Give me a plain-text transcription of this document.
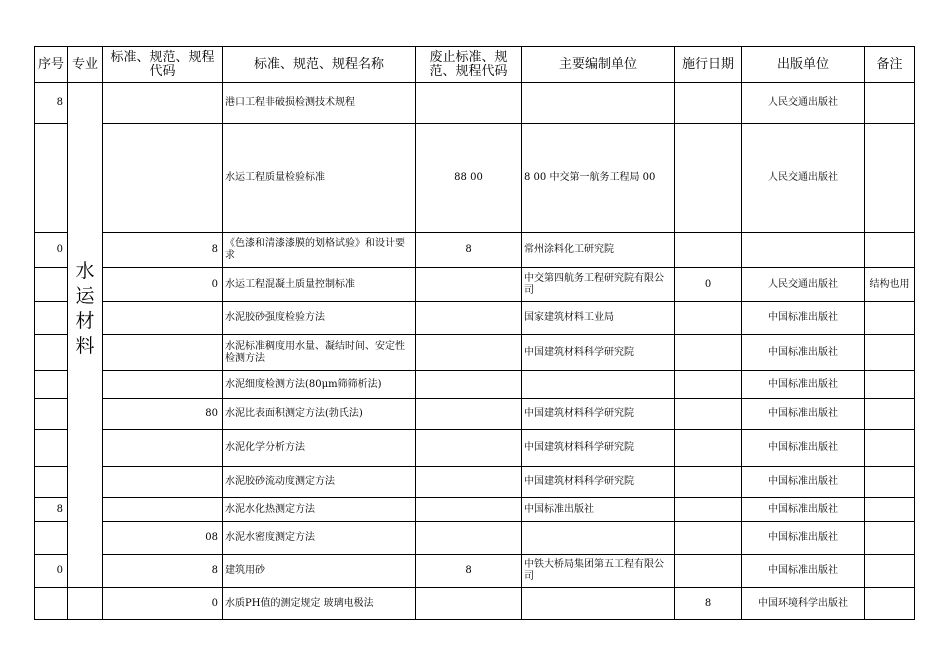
序号	专业	标准、规范、规程代码	标准、规范、规程名称	废止标准、规范、规程代码	主要编制单位	施行日期	出版单位	备注
8	水运材料		港口工程非破损检测技术规程				人民交通出版社	
			水运工程质量检验标准	88 00	8 00 中交第一航务工程局 00		人民交通出版社	
0		8	《色漆和清漆漆膜的划格试验》和设计要求	8	常州涂料化工研究院			
		0	水运工程混凝土质量控制标准		中交第四航务工程研究院有限公司	0	人民交通出版社	结构也用
			水泥胶砂强度检验方法		国家建筑材料工业局		中国标准出版社	
			水泥标准稠度用水量、凝结时间、安定性检测方法		中国建筑材料科学研究院		中国标准出版社	
			水泥细度检测方法(80μm筛筛析法)				中国标准出版社	
		80	水泥比表面积测定方法(勃氏法)		中国建筑材料科学研究院		中国标准出版社	
			水泥化学分析方法		中国建筑材料科学研究院		中国标准出版社	
			水泥胶砂流动度测定方法		中国建筑材料科学研究院		中国标准出版社	
8			水泥水化热测定方法		中国标准出版社		中国标准出版社	
		08	水泥水密度测定方法				中国标准出版社	
0		8	建筑用砂	8	中铁大桥局集团第五工程有限公司		中国标准出版社	
		0	水质PH值的测定规定 玻璃电极法			8	中国环境科学出版社	
